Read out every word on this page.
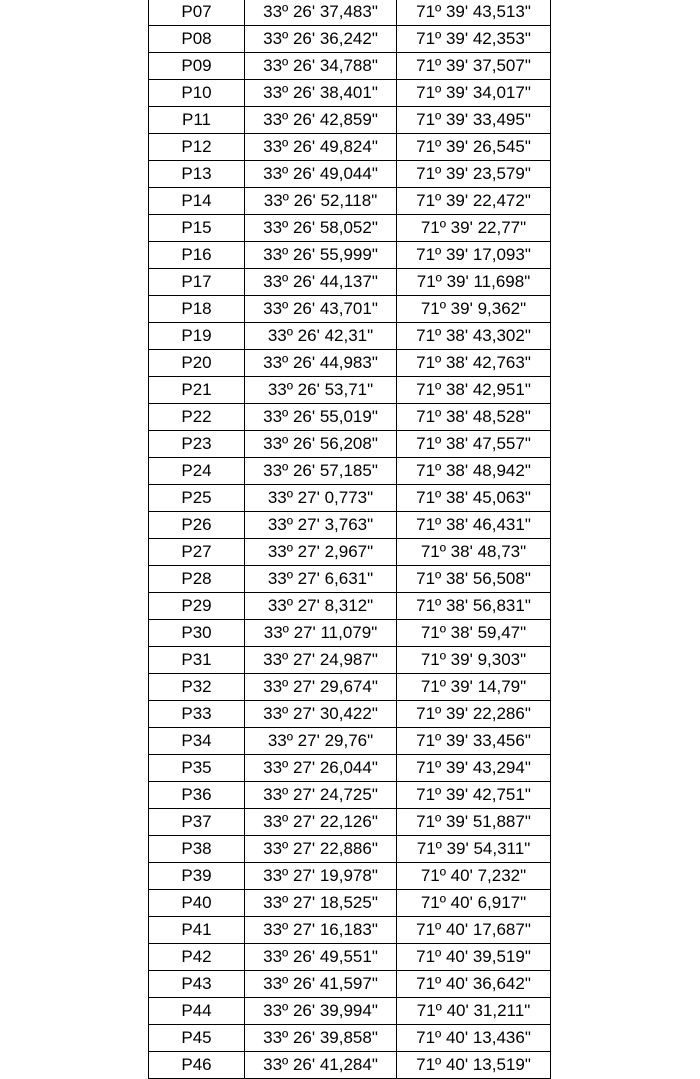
P07	33º 26' 37,483"	71º 39' 43,513"
P08	33º 26' 36,242"	71º 39' 42,353"
P09	33º 26' 34,788"	71º 39' 37,507"
P10	33º 26' 38,401"	71º 39' 34,017"
P11	33º 26' 42,859"	71º 39' 33,495"
P12	33º 26' 49,824"	71º 39' 26,545"
P13	33º 26' 49,044"	71º 39' 23,579"
P14	33º 26' 52,118"	71º 39' 22,472"
P15	33º 26' 58,052"	71º 39' 22,77"
P16	33º 26' 55,999"	71º 39' 17,093"
P17	33º 26' 44,137"	71º 39' 11,698"
P18	33º 26' 43,701"	71º 39' 9,362"
P19	33º 26' 42,31"	71º 38' 43,302"
P20	33º 26' 44,983"	71º 38' 42,763"
P21	33º 26' 53,71"	71º 38' 42,951"
P22	33º 26' 55,019"	71º 38' 48,528"
P23	33º 26' 56,208"	71º 38' 47,557"
P24	33º 26' 57,185"	71º 38' 48,942"
P25	33º 27' 0,773"	71º 38' 45,063"
P26	33º 27' 3,763"	71º 38' 46,431"
P27	33º 27' 2,967"	71º 38' 48,73"
P28	33º 27' 6,631"	71º 38' 56,508"
P29	33º 27' 8,312"	71º 38' 56,831"
P30	33º 27' 11,079"	71º 38' 59,47"
P31	33º 27' 24,987"	71º 39' 9,303"
P32	33º 27' 29,674"	71º 39' 14,79"
P33	33º 27' 30,422"	71º 39' 22,286"
P34	33º 27' 29,76"	71º 39' 33,456"
P35	33º 27' 26,044"	71º 39' 43,294"
P36	33º 27' 24,725"	71º 39' 42,751"
P37	33º 27' 22,126"	71º 39' 51,887"
P38	33º 27' 22,886"	71º 39' 54,311"
P39	33º 27' 19,978"	71º 40' 7,232"
P40	33º 27' 18,525"	71º 40' 6,917"
P41	33º 27' 16,183"	71º 40' 17,687"
P42	33º 26' 49,551"	71º 40' 39,519"
P43	33º 26' 41,597"	71º 40' 36,642"
P44	33º 26' 39,994"	71º 40' 31,211"
P45	33º 26' 39,858"	71º 40' 13,436"
P46	33º 26' 41,284"	71º 40' 13,519"
